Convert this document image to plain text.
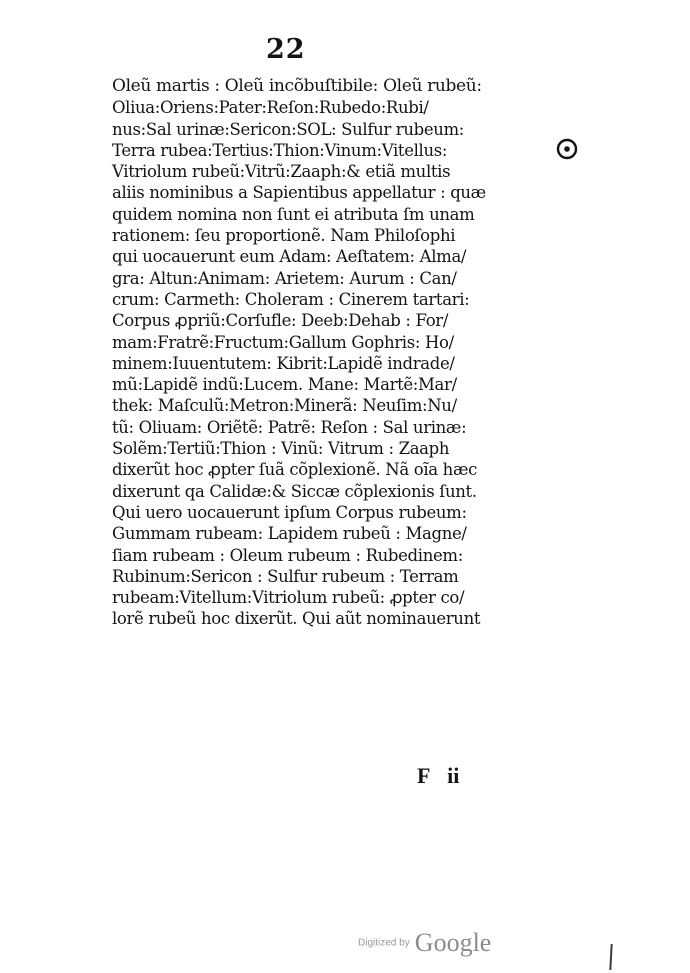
22
Oleũ martis : Oleũ incõbuſtibile: Oleũ rubeũ:
Oliua:Oriens:Pater:Reſon:Rubedo:Rubi/
nus:Sal urinæ:Sericon:SOL: Sulfur rubeum:
Terra rubea:Tertius:Thion:Vinum:Vitellus:
Vitriolum rubeũ:Vitrũ:Zaaph:& etiã multis
aliis nominibus a Sapientibus appellatur : quæ
quidem nomina non ſunt ei atributa ſm unam
rationem: ſeu proportionẽ. Nam Philoſophi
qui uocauerunt eum Adam: Aeſtatem: Alma/
gra: Altun:Animam: Arietem: Aurum : Can/
crum: Carmeth: Choleram : Cinerem tartari:
Corpus ꝓpriũ:Corſufle: Deeb:Dehab : For/
mam:Fratrẽ:Fructum:Gallum Gophris: Ho/
minem:Iuuentutem: Kibrit:Lapidẽ indrade/
mũ:Lapidẽ indũ:Lucem. Mane: Martẽ:Mar/
thek: Maſculũ:Metron:Minerã: Neuſim:Nu/
tũ: Oliuam: Oriẽtẽ: Patrẽ: Reſon : Sal urinæ:
Solẽm:Tertiũ:Thion : Vinũ: Vitrum : Zaaph
dixerũt hoc ꝓpter ſuã cõplexionẽ. Nã oĩa hæc
dixerunt qa Calidæ:& Siccæ cõplexionis ſunt.
Qui uero uocauerunt ipſum Corpus rubeum:
Gummam rubeam: Lapidem rubeũ : Magne/
ſiam rubeam : Oleum rubeum : Rubedinem:
Rubinum:Sericon : Sulfur rubeum : Terram
rubeam:Vitellum:Vitriolum rubeũ: ꝓpter co/
lorẽ rubeũ hoc dixerũt. Qui aũt nominauerunt
F ii
Digitized by Google
